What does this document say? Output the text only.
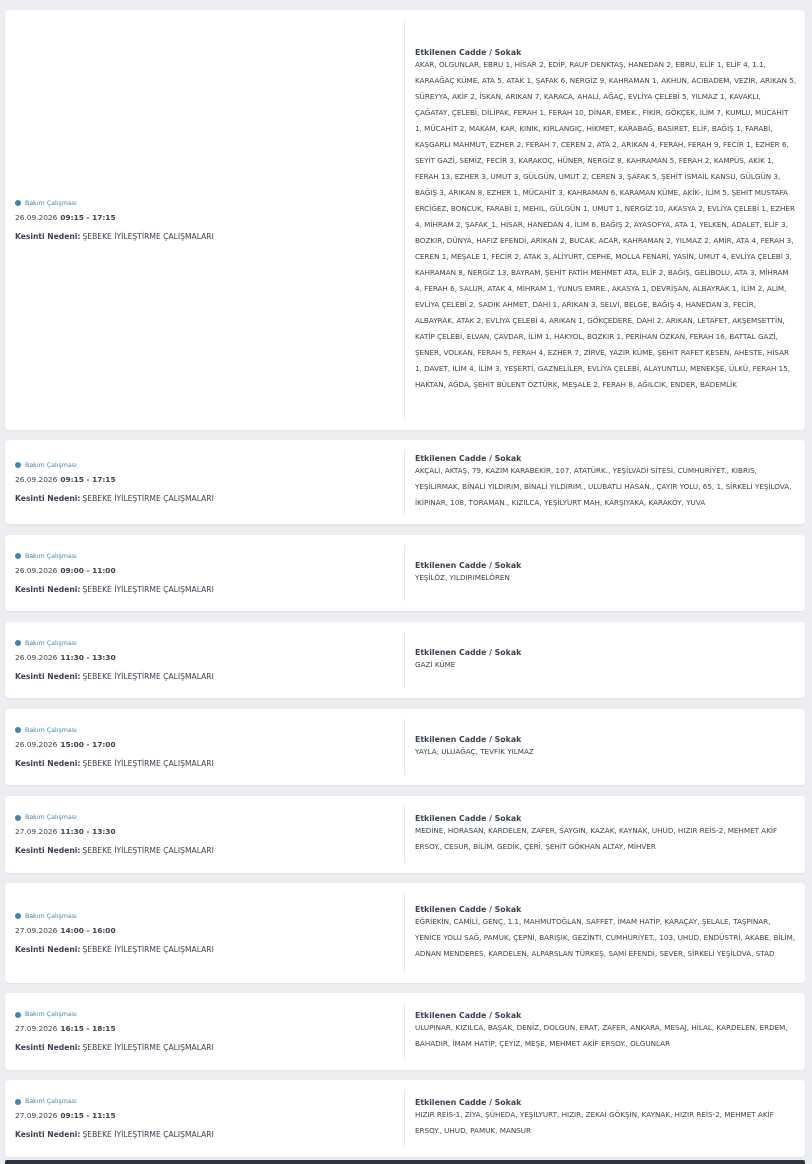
Bakım Çalışması
26.09.2026 09:15 - 17:15
Kesinti Nedeni: ŞEBEKE İYİLEŞTİRME ÇALIŞMALARI
Etkilenen Cadde / Sokak
AKAR, OLGUNLAR, EBRU 1, HİSAR 2, EDİP, RAUF DENKTAŞ, HANEDAN 2, EBRU, ELİF 1, ELİF 4, 1.1, KARAAĞAÇ KÜME, ATA 5, ATAK 1, ŞAFAK 6, NERGİZ 9, KAHRAMAN 1, AKHUN, ACIBADEM, VEZİR, ARIKAN 5, SÜREYYA, AKİF 2, İSKAN, ARIKAN 7, KARACA, AHALİ, AĞAÇ, EVLİYA ÇELEBİ 5, YILMAZ 1, KAVAKLI, ÇAĞATAY, ÇELEBİ, DİLİPAK, FERAH 1, FERAH 10, DİNAR, EMEK., FİKİR, GÖKÇEK, İLİM 7, KUMLU, MÜCAHİT 1, MÜCAHİT 2, MAKAM, KAR, KINIK, KIRLANGIÇ, HİKMET, KARABAĞ, BASİRET, ELİF, BAĞIŞ 1, FARABİ, KAŞGARLI MAHMUT, EZHER 2, FERAH 7, CEREN 2, ATA 2, ARIKAN 4, FERAH, FERAH 9, FECİR 1, EZHER 6, SEYİT GAZİ, SEMİZ, FECİR 3, KARAKOÇ, HÜNER, NERGİZ 8, KAHRAMAN 5, FERAH 2, KAMPÜS, AKİK 1, FERAH 13, EZHER 3, UMUT 3, GÜLGÜN, UMUT 2, CEREN 3, ŞAFAK 5, ŞEHİT İSMAİL KANSU, GÜLGÜN 3, BAĞIŞ 3, ARIKAN 8, EZHER 1, MÜCAHİT 3, KAHRAMAN 6, KARAMAN KÜME, AKİK-, İLİM 5, ŞEHİT MUSTAFA ERCİĞEZ, BONCUK, FARABİ 1, MEHİL, GÜLGÜN 1, UMUT 1, NERGİZ 10, AKASYA 2, EVLİYA ÇELEBİ 1, EZHER 4, MİHRAM 2, ŞAFAK_1, HİSAR, HANEDAN 4, İLİM 6, BAĞIŞ 2, AYASOFYA, ATA 1, YELKEN, ADALET, ELİF 3, BOZKIR, DÜNYA, HAFIZ EFENDİ, ARIKAN 2, BUCAK, ACAR, KAHRAMAN 2, YILMAZ 2, AMİR, ATA 4, FERAH 3, CEREN 1, MEŞALE 1, FECİR 2, ATAK 3, ALİYURT, CEPHE, MOLLA FENARİ, YASİN, UMUT 4, EVLİYA ÇELEBİ 3, KAHRAMAN 8, NERGİZ 13, BAYRAM, ŞEHİT FATİH MEHMET ATA, ELİF 2, BAĞIŞ, GELİBOLU, ATA 3, MİHRAM 4, FERAH 6, SALUR, ATAK 4, MİHRAM 1, YUNUS EMRE., AKASYA 1, DEVRİŞAN, ALBAYRAK 1, İLİM 2, ALİM, EVLİYA ÇELEBİ 2, SADIK AHMET, DAHİ 1, ARIKAN 3, SELVİ, BELGE, BAĞIŞ 4, HANEDAN 3, FECİR, ALBAYRAK, ATAK 2, EVLİYA ÇELEBİ 4, ARIKAN 1, GÖKÇEDERE, DAHİ 2, ARIKAN, LETAFET, AKŞEMSETTİN, KATİP ÇELEBİ, ELVAN, ÇAVDAR, İLİM 1, HAKYOL, BOZKIR 1, PERİHAN ÖZKAN, FERAH 16, BATTAL GAZİ, ŞENER, VOLKAN, FERAH 5, FERAH 4, EZHER 7, ZİRVE, YAZIR KÜME, ŞEHİT RAFET KESEN, AHESTE, HİSAR 1, DAVET, İLİM 4, İLİM 3, YEŞERTİ, GAZNELİLER, EVLİYA ÇELEBİ, ALAYUNTLU, MENEKŞE, ÜLKÜ, FERAH 15, HAKTAN, AĞDA, ŞEHİT BÜLENT ÖZTÜRK, MEŞALE 2, FERAH 8, AĞILCIK, ENDER, BADEMLİK
Bakım Çalışması
26.09.2026 09:15 - 17:15
Kesinti Nedeni: ŞEBEKE İYİLEŞTİRME ÇALIŞMALARI
Etkilenen Cadde / Sokak
AKÇALI, AKTAŞ, 79, KAZIM KARABEKİR, 107, ATATÜRK., YEŞİLVADİ SİTESİ, CUMHURİYET., KIBRIS, YEŞİLIRMAK, BİNALİ YILDIRIM, BİNALİ YILDIRIM., ULUBATLI HASAN., ÇAYIR YOLU, 65, 1, SİRKELİ YEŞİLOVA, İKİPINAR, 108, TORAMAN., KIZILCA, YEŞİLYURT MAH, KARŞIYAKA, KARAKÖY, YUVA
Bakım Çalışması
26.09.2026 09:00 - 11:00
Kesinti Nedeni: ŞEBEKE İYİLEŞTİRME ÇALIŞMALARI
Etkilenen Cadde / Sokak
YEŞİLÖZ, YILDIRIMELÖREN
Bakım Çalışması
26.09.2026 11:30 - 13:30
Kesinti Nedeni: ŞEBEKE İYİLEŞTİRME ÇALIŞMALARI
Etkilenen Cadde / Sokak
GAZİ KÜME
Bakım Çalışması
26.09.2026 15:00 - 17:00
Kesinti Nedeni: ŞEBEKE İYİLEŞTİRME ÇALIŞMALARI
Etkilenen Cadde / Sokak
YAYLA, ULUAĞAÇ, TEVFİK YILMAZ
Bakım Çalışması
27.09.2026 11:30 - 13:30
Kesinti Nedeni: ŞEBEKE İYİLEŞTİRME ÇALIŞMALARI
Etkilenen Cadde / Sokak
MEDİNE, HORASAN, KARDELEN, ZAFER, SAYGIN, KAZAK, KAYNAK, UHUD, HIZIR REİS-2, MEHMET AKİF ERSOY., CESUR, BİLİM, GEDİK, ÇERİ, ŞEHİT GÖKHAN ALTAY, MİHVER
Bakım Çalışması
27.09.2026 14:00 - 16:00
Kesinti Nedeni: ŞEBEKE İYİLEŞTİRME ÇALIŞMALARI
Etkilenen Cadde / Sokak
EĞRİEKİN, CAMİLİ, GENÇ, 1.1, MAHMUTOĞLAN, SAFFET, İMAM HATİP, KARAÇAY, ŞELALE, TAŞPINAR, YENİCE YOLU SAĞ, PAMUK, ÇEPNİ, BARIŞIK, GEZİNTİ, CUMHURİYET., 103, UHUD, ENDÜSTRİ, AKABE, BİLİM, ADNAN MENDERES, KARDELEN, ALPARSLAN TÜRKEŞ, SAMİ EFENDİ, SEVER, SİRKELİ YEŞİLOVA, STAD
Bakım Çalışması
27.09.2026 16:15 - 18:15
Kesinti Nedeni: ŞEBEKE İYİLEŞTİRME ÇALIŞMALARI
Etkilenen Cadde / Sokak
ULUPINAR, KIZILCA, BAŞAK, DENİZ, DOLGUN, ERAT, ZAFER, ANKARA, MESAJ, HİLAL, KARDELEN, ERDEM, BAHADIR, İMAM HATİP, ÇEYİZ, MEŞE, MEHMET AKİF ERSOY., OLGUNLAR
Bakım Çalışması
27.09.2026 09:15 - 11:15
Kesinti Nedeni: ŞEBEKE İYİLEŞTİRME ÇALIŞMALARI
Etkilenen Cadde / Sokak
HIZIR REİS-1, ZİYA, ŞÜHEDA, YEŞİLYURT, HIZIR, ZEKAİ GÖKŞİN, KAYNAK, HIZIR REİS-2, MEHMET AKİF ERSOY., UHUD, PAMUK, MANSUR
